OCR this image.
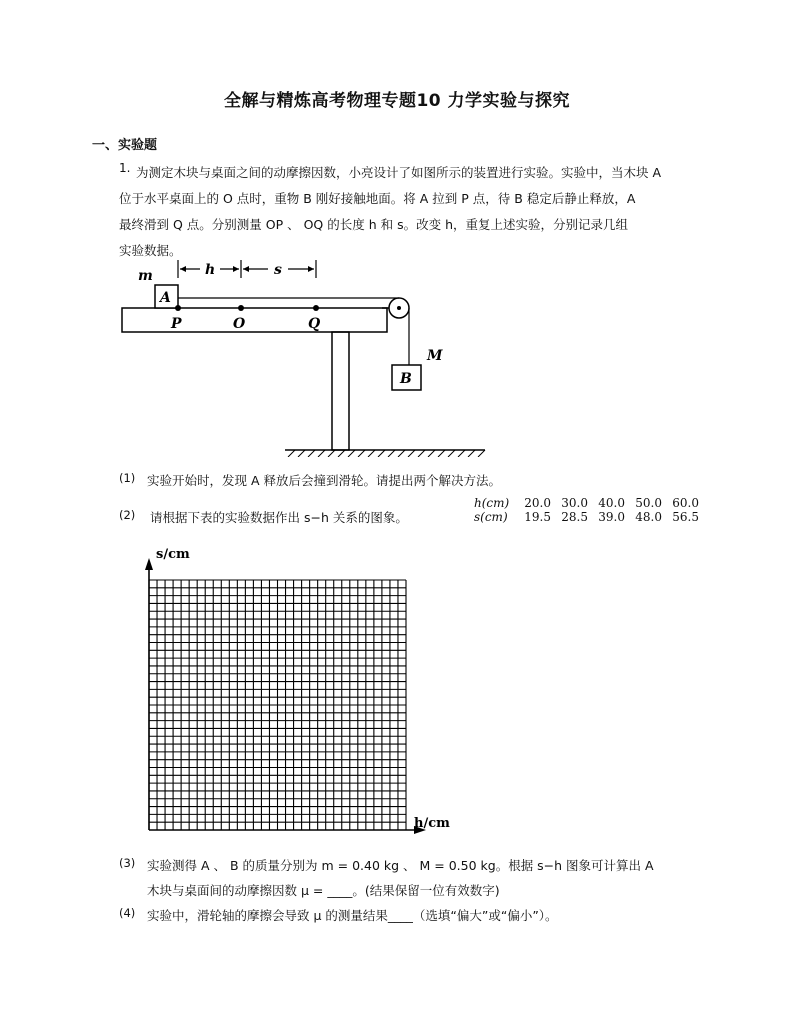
全解与精炼高考物理专题10 力学实验与探究
一、实验题
1. 为测定木块与桌面之间的动摩擦因数，小亮设计了如图所示的装置进行实验。实验中，当木块 A
位于水平桌面上的 O 点时，重物 B 刚好接触地面。将 A 拉到 P 点，待 B 稳定后静止释放，A
最终滑到 Q 点。分别测量 OP 、 OQ 的长度 h 和 s。改变 h，重复上述实验，分别记录几组
实验数据。
A
m
B
M
P	O	Q
h	s
(1) 实验开始时，发现 A 释放后会撞到滑轮。请提出两个解决方法。
(2) 请根据下表的实验数据作出 s−h 关系的图象。
h(cm)	20.0 30.0 40.0 50.0 60.0
s(cm)	19.5 28.5 39.0 48.0 56.5
s/cm
h/cm
(3) 实验测得 A 、 B 的质量分别为 m = 0.40 kg 、 M = 0.50 kg。根据 s−h 图象可计算出 A
木块与桌面间的动摩擦因数 μ = ____。(结果保留一位有效数字)
(4) 实验中，滑轮轴的摩擦会导致 μ 的测量结果____（选填“偏大”或“偏小”）。
